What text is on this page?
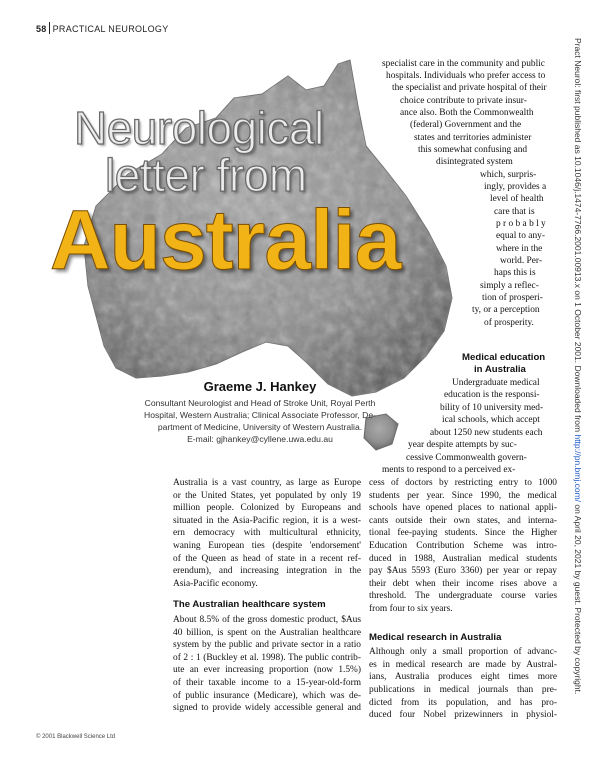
58 PRACTICAL NEUROLOGY
Neurological
letter from
Australia
specialist care in the community and public
hospitals. Individuals who prefer access to
the specialist and private hospital of their
choice contribute to private insur-
ance also. Both the Commonwealth
(federal) Government and the
states and territories administer
this somewhat confusing and
disintegrated system
which, surpris-
ingly, provides a
level of health
care that is
p r o b a b l y
equal to any-
where in the
world. Per-
haps this is
simply a reflec-
tion of prosperi-
ty, or a perception
of prosperity.
Medical education
in Australia
Undergraduate medical
education is the responsi-
bility of 10 university med-
ical schools, which accept
about 1250 new students each
year despite attempts by suc-
cessive Commonwealth govern-
ments to respond to a perceived ex-
Graeme J. Hankey
Consultant Neurologist and Head of Stroke Unit, Royal Perth
Hospital, Western Australia; Clinical Associate Professor, De-
partment of Medicine, University of Western Australia.
E-mail: gjhankey@cyllene.uwa.edu.au
Australia is a vast country, as large as Europe
or the United States, yet populated by only 19
million people. Colonized by Europeans and
situated in the Asia-Pacific region, it is a west-
ern democracy with multicultural ethnicity,
waning European ties (despite 'endorsement'
of the Queen as head of state in a recent ref-
erendum), and increasing integration in the
Asia-Pacific economy.
The Australian healthcare system
About 8.5% of the gross domestic product, $Aus
40 billion, is spent on the Australian healthcare
system by the public and private sector in a ratio
of 2 : 1 (Buckley et al. 1998). The public contrib-
ute an ever increasing proportion (now 1.5%)
of their taxable income to a 15-year-old-form
of public insurance (Medicare), which was de-
signed to provide widely accessible general and
cess of doctors by restricting entry to 1000
students per year. Since 1990, the medical
schools have opened places to national appli-
cants outside their own states, and interna-
tional fee-paying students. Since the Higher
Education Contribution Scheme was intro-
duced in 1988, Australian medical students
pay $Aus 5593 (Euro 3360) per year or repay
their debt when their income rises above a
threshold. The undergraduate course varies
from four to six years.
Medical research in Australia
Although only a small proportion of advanc-
es in medical research are made by Austral-
ians, Australia produces eight times more
publications in medical journals than pre-
dicted from its population, and has pro-
duced four Nobel prizewinners in physiol-
© 2001 Blackwell Science Ltd
Pract Neurol: first published as 10.1046/j.1474-7766.2001.00913.x on 1 October 2001. Downloaded from http://pn.bmj.com/ on April 20, 2021 by guest. Protected by copyright.
